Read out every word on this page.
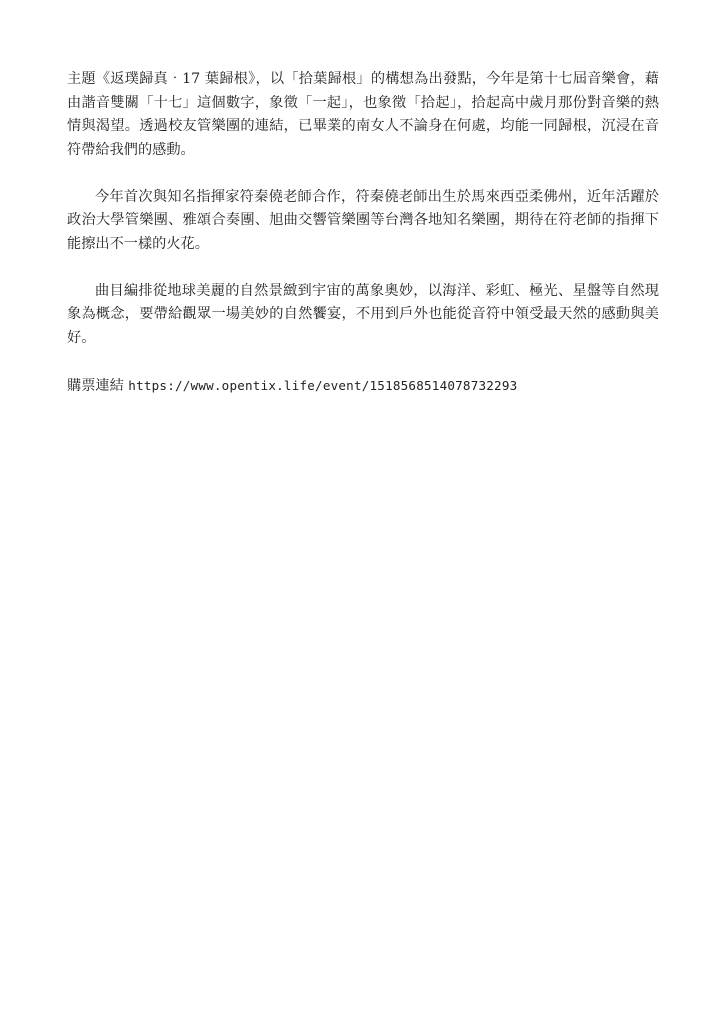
主題《返璞歸真‧17 葉歸根》，以「拾葉歸根」的構想為出發點，今年是第十七屆音樂會，藉由諧音雙關「十七」這個數字，象徵「一起」，也象徵「拾起」，拾起高中歲月那份對音樂的熱情與渴望。透過校友管樂團的連結，已畢業的南女人不論身在何處，均能一同歸根，沉浸在音符帶給我們的感動。

今年首次與知名指揮家符秦僥老師合作，符秦僥老師出生於馬來西亞柔佛州，近年活躍於政治大學管樂團、雅頌合奏團、旭曲交響管樂團等台灣各地知名樂團，期待在符老師的指揮下能擦出不一樣的火花。

曲目編排從地球美麗的自然景緻到宇宙的萬象奧妙，以海洋、彩虹、極光、星盤等自然現象為概念，要帶給觀眾一場美妙的自然饗宴，不用到戶外也能從音符中領受最天然的感動與美好。

購票連結 https://www.opentix.life/event/1518568514078732293
